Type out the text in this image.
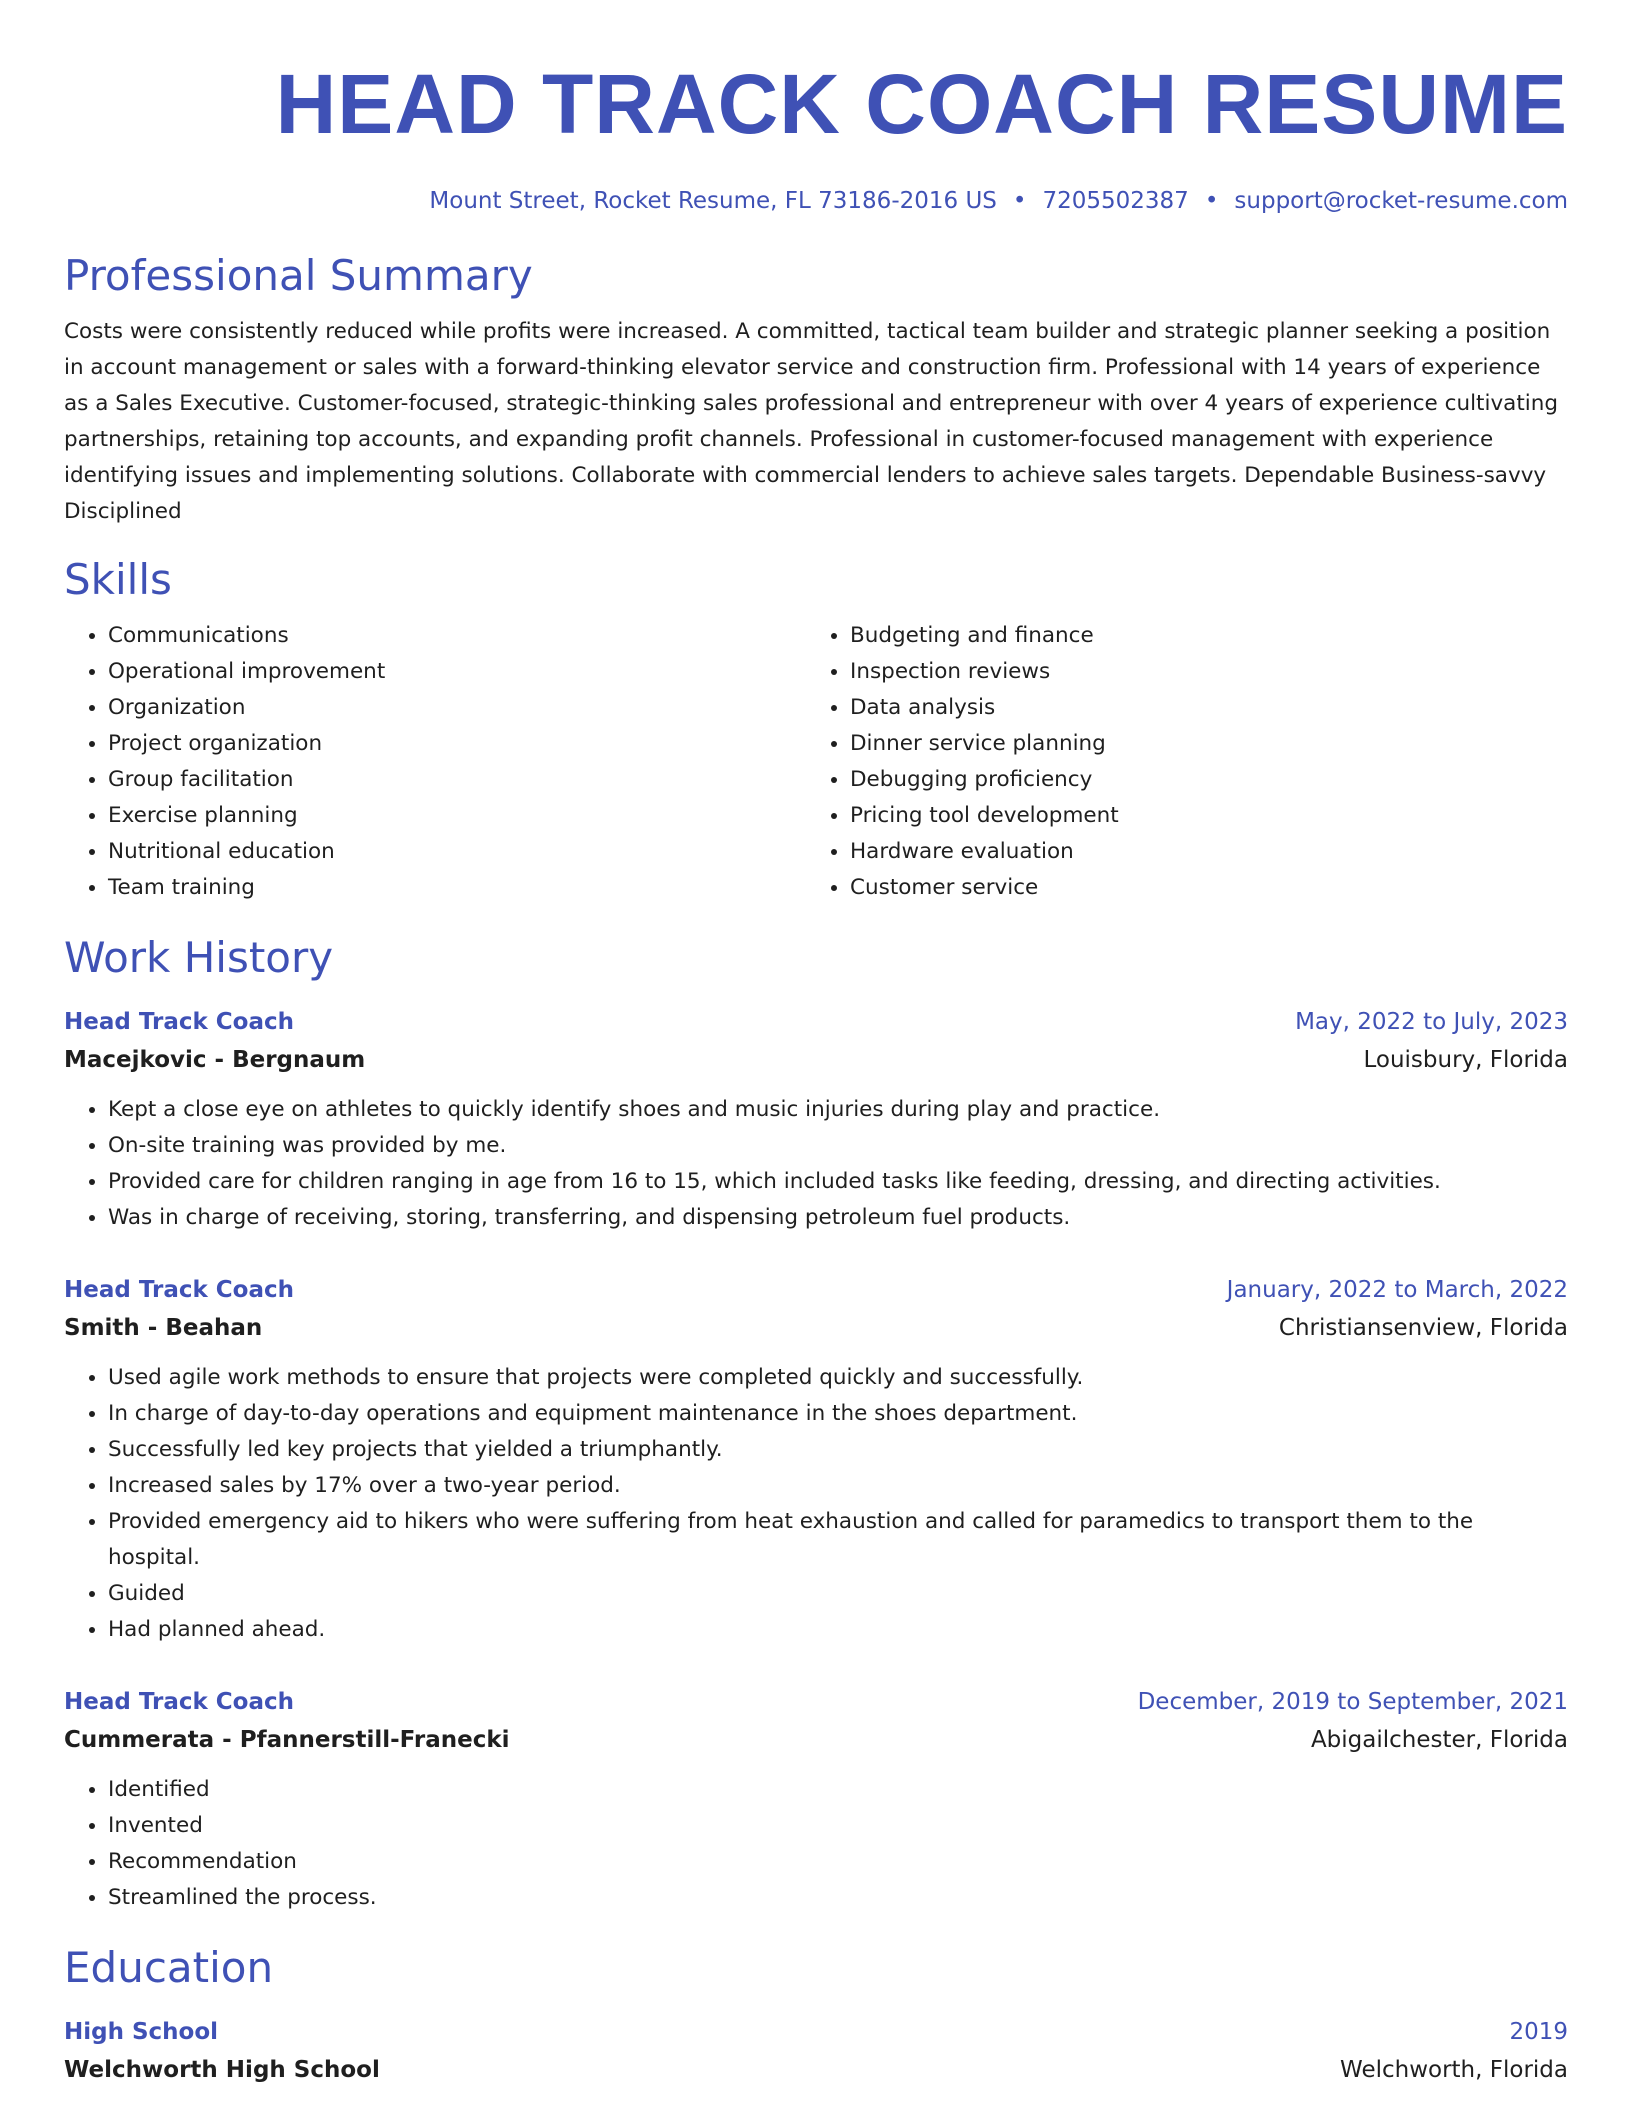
HEAD TRACK COACH RESUME
Mount Street, Rocket Resume, FL 73186-2016 US • 7205502387 • support@rocket-resume.com
Professional Summary
Costs were consistently reduced while profits were increased. A committed, tactical team builder and strategic planner seeking a position in account management or sales with a forward-thinking elevator service and construction firm. Professional with 14 years of experience as a Sales Executive. Customer-focused, strategic-thinking sales professional and entrepreneur with over 4 years of experience cultivating partnerships, retaining top accounts, and expanding profit channels. Professional in customer-focused management with experience identifying issues and implementing solutions. Collaborate with commercial lenders to achieve sales targets. Dependable Business-savvy Disciplined
Skills
• Communications
• Operational improvement
• Organization
• Project organization
• Group facilitation
• Exercise planning
• Nutritional education
• Team training
• Budgeting and finance
• Inspection reviews
• Data analysis
• Dinner service planning
• Debugging proficiency
• Pricing tool development
• Hardware evaluation
• Customer service
Work History
Head Track Coach	May, 2022 to July, 2023
Macejkovic - Bergnaum	Louisbury, Florida
• Kept a close eye on athletes to quickly identify shoes and music injuries during play and practice.
• On-site training was provided by me.
• Provided care for children ranging in age from 16 to 15, which included tasks like feeding, dressing, and directing activities.
• Was in charge of receiving, storing, transferring, and dispensing petroleum fuel products.
Head Track Coach	January, 2022 to March, 2022
Smith - Beahan	Christiansenview, Florida
• Used agile work methods to ensure that projects were completed quickly and successfully.
• In charge of day-to-day operations and equipment maintenance in the shoes department.
• Successfully led key projects that yielded a triumphantly.
• Increased sales by 17% over a two-year period.
• Provided emergency aid to hikers who were suffering from heat exhaustion and called for paramedics to transport them to the hospital.
• Guided
• Had planned ahead.
Head Track Coach	December, 2019 to September, 2021
Cummerata - Pfannerstill-Franecki	Abigailchester, Florida
• Identified
• Invented
• Recommendation
• Streamlined the process.
Education
High School	2019
Welchworth High School	Welchworth, Florida
